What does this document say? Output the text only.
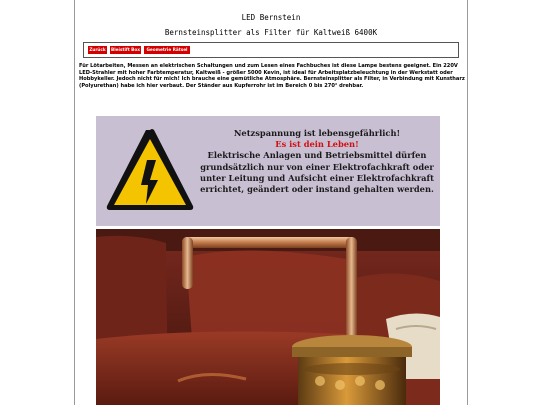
LED Bernstein
Bernsteinsplitter als Filter für Kaltweiß 6400K
Zurück	Bleistift Box	Geometrie Rätsel

Für Lötarbeiten, Messen an elektrischen Schaltungen und zum Lesen eines Fachbuches ist diese Lampe bestens geeignet. Ein 220V LED-Strahler mit hoher Farbtemperatur, Kaltweiß - größer 5000 Kevin, ist ideal für Arbeitsplatzbeleuchtung in der Werkstatt oder Hobbykeller. Jedoch nicht für mich! Ich brauche eine gemütliche Atmosphäre. Bernsteinsplitter als Filter, in Verbindung mit Kunstharz (Polyurethan) habe ich hier verbaut. Der Ständer aus Kupferrohr ist im Bereich 0 bis 270° drehbar.

Netzspannung ist lebensgefährlich!
Es ist dein Leben!
Elektrische Anlagen und Betriebsmittel dürfen
grundsätzlich nur von einer Elektrofachkraft oder
unter Leitung und Aufsicht einer Elektrofachkraft
errichtet, geändert oder instand gehalten werden.
